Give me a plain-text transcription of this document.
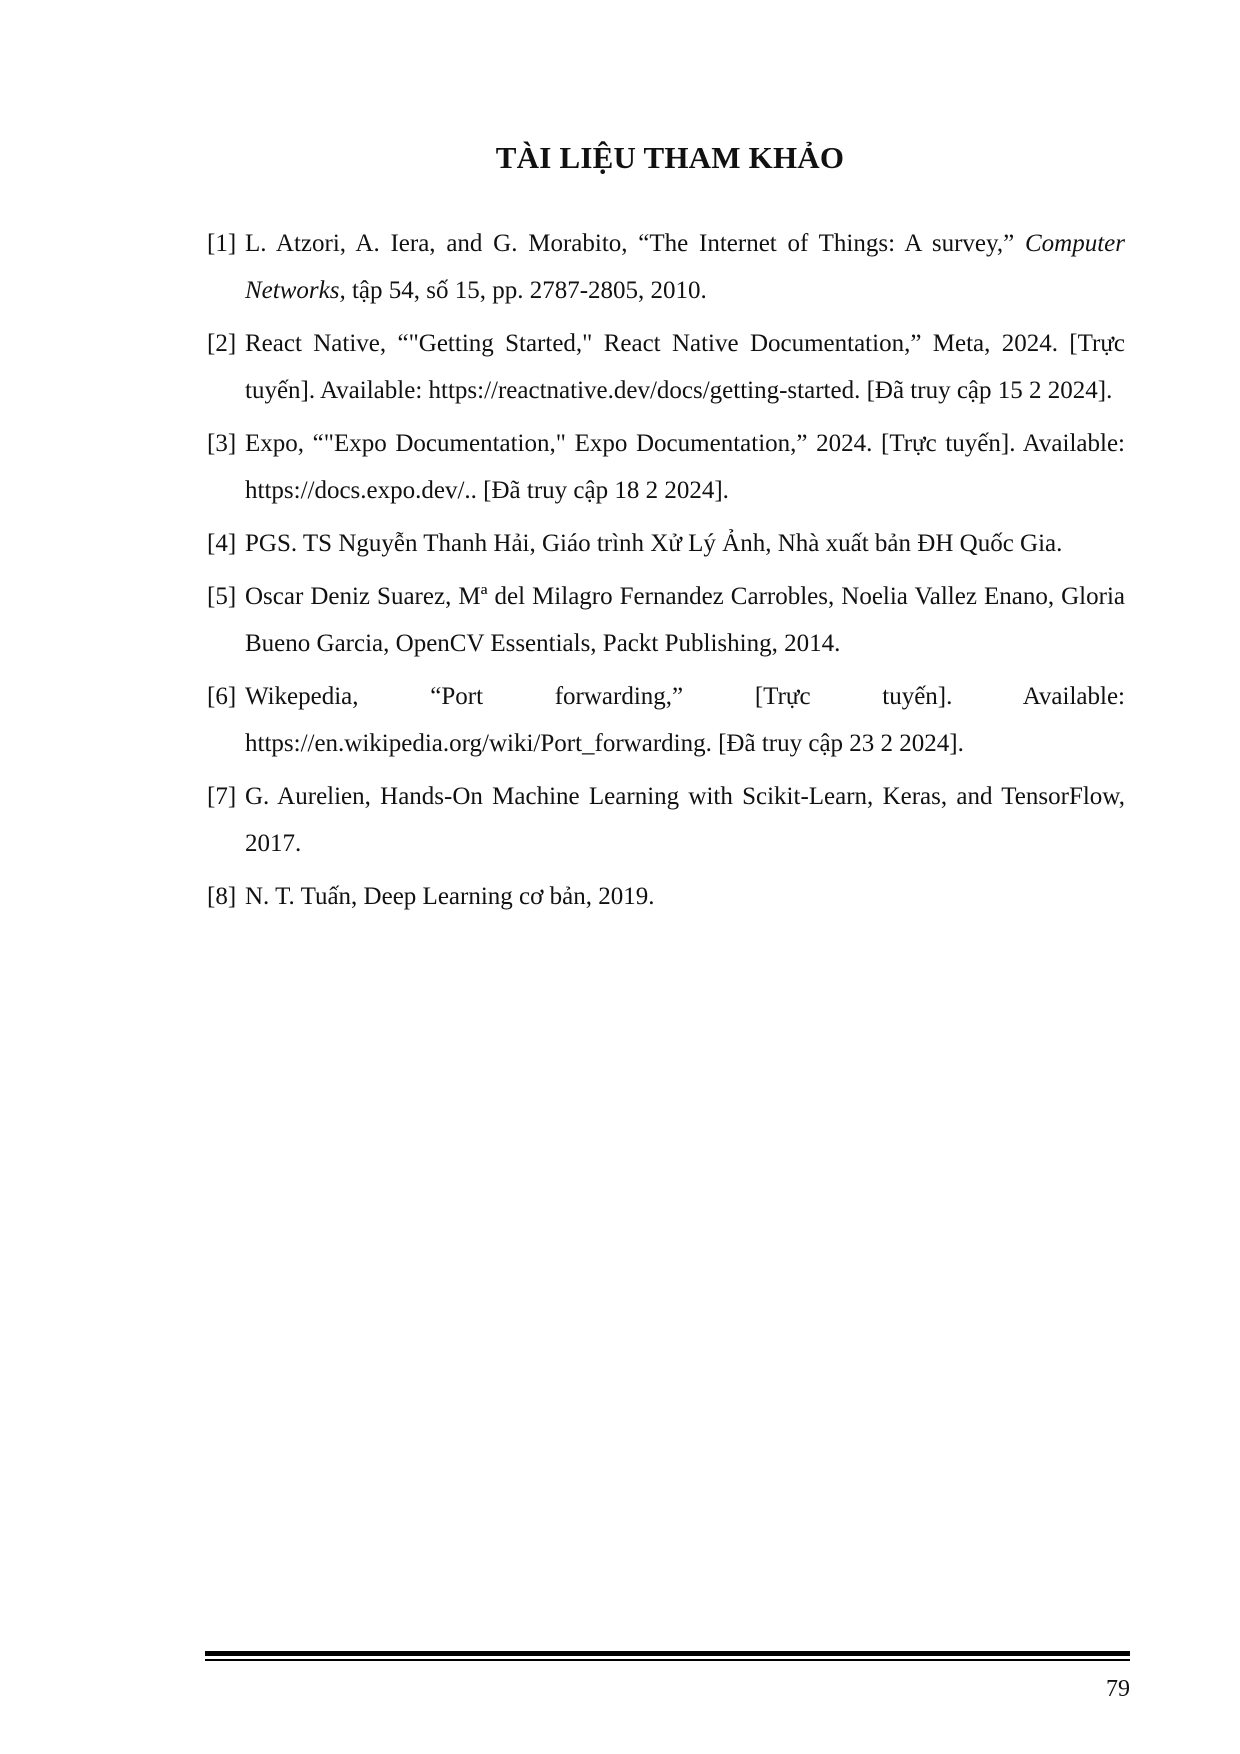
TÀI LIỆU THAM KHẢO
[1] L. Atzori, A. Iera, and G. Morabito, “The Internet of Things: A survey,” Computer Networks, tập 54, số 15, pp. 2787-2805, 2010.
[2] React Native, “"Getting Started," React Native Documentation,” Meta, 2024. [Trực tuyến]. Available: https://reactnative.dev/docs/getting-started. [Đã truy cập 15 2 2024].
[3] Expo, “"Expo Documentation," Expo Documentation,” 2024. [Trực tuyến]. Available: https://docs.expo.dev/.. [Đã truy cập 18 2 2024].
[4] PGS. TS Nguyễn Thanh Hải, Giáo trình Xử Lý Ảnh, Nhà xuất bản ĐH Quốc Gia.
[5] Oscar Deniz Suarez, Mª del Milagro Fernandez Carrobles, Noelia Vallez Enano, Gloria Bueno Garcia, OpenCV Essentials, Packt Publishing, 2014.
[6] Wikepedia, “Port forwarding,” [Trực tuyến]. Available: https://en.wikipedia.org/wiki/Port_forwarding. [Đã truy cập 23 2 2024].
[7] G. Aurelien, Hands-On Machine Learning with Scikit-Learn, Keras, and TensorFlow, 2017.
[8] N. T. Tuấn, Deep Learning cơ bản, 2019.
79
